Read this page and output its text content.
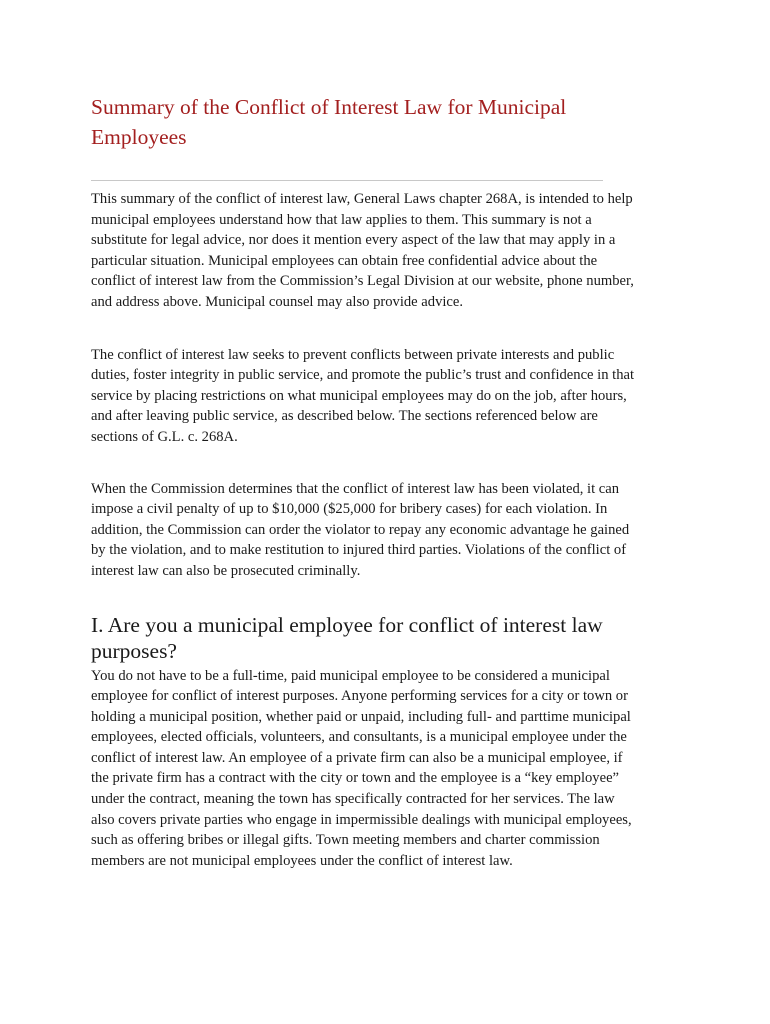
Summary of the Conflict of Interest Law for Municipal Employees

This summary of the conflict of interest law, General Laws chapter 268A, is intended to help municipal employees understand how that law applies to them. This summary is not a substitute for legal advice, nor does it mention every aspect of the law that may apply in a particular situation. Municipal employees can obtain free confidential advice about the conflict of interest law from the Commission’s Legal Division at our website, phone number, and address above. Municipal counsel may also provide advice.

The conflict of interest law seeks to prevent conflicts between private interests and public duties, foster integrity in public service, and promote the public’s trust and confidence in that service by placing restrictions on what municipal employees may do on the job, after hours, and after leaving public service, as described below. The sections referenced below are sections of G.L. c. 268A.

When the Commission determines that the conflict of interest law has been violated, it can impose a civil penalty of up to $10,000 ($25,000 for bribery cases) for each violation. In addition, the Commission can order the violator to repay any economic advantage he gained by the violation, and to make restitution to injured third parties. Violations of the conflict of interest law can also be prosecuted criminally.

I. Are you a municipal employee for conflict of interest law purposes?

You do not have to be a full-time, paid municipal employee to be considered a municipal employee for conflict of interest purposes. Anyone performing services for a city or town or holding a municipal position, whether paid or unpaid, including full- and parttime municipal employees, elected officials, volunteers, and consultants, is a municipal employee under the conflict of interest law. An employee of a private firm can also be a municipal employee, if the private firm has a contract with the city or town and the employee is a “key employee” under the contract, meaning the town has specifically contracted for her services. The law also covers private parties who engage in impermissible dealings with municipal employees, such as offering bribes or illegal gifts. Town meeting members and charter commission members are not municipal employees under the conflict of interest law.
